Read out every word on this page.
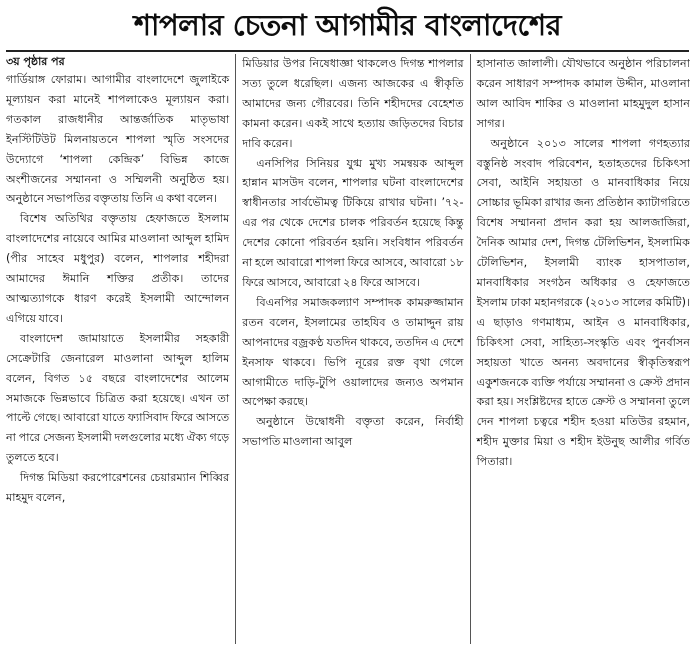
শাপলার চেতনা আগামীর বাংলাদেশের
৩য় পৃষ্ঠার পর

গার্ডিয়াঙ্গ ফোরাম। আগামীর বাংলাদেশে জুলাইকে মূল্যায়ন করা মানেই শাপলাকেও মূল্যায়ন করা। গতকাল রাজধানীর আন্তর্জাতিক মাতৃভাষা ইনস্টিটিউট মিলনায়তনে শাপলা স্মৃতি সংসদের উদ্যোগে ‘শাপলা কেন্দ্রিক’ বিভিন্ন কাজে অংশীজনের সম্মাননা ও সম্মিলনী অনুষ্ঠিত হয়। অনুষ্ঠানে সভাপতির বক্তৃতায় তিনি এ কথা বলেন।

বিশেষ অতিথির বক্তৃতায় হেফাজতে ইসলাম বাংলাদেশের নায়েবে আমির মাওলানা আব্দুল হামিদ (পীর সাহেব মধুপুর) বলেন, শাপলার শহীদরা আমাদের ঈমানি শক্তির প্রতীক। তাদের আত্মত্যাগকে ধারণ করেই ইসলামী আন্দোলন এগিয়ে যাবে।

বাংলাদেশ জামায়াতে ইসলামীর সহকারী সেক্রেটারি জেনারেল মাওলানা আব্দুল হালিম বলেন, বিগত ১৫ বছরে বাংলাদেশের আলেম সমাজকে ভিন্নভাবে চিত্রিত করা হয়েছে। এখন তা পাল্টে গেছে। আবারো যাতে ফ্যাসিবাদ ফিরে আসতে না পারে সেজন্য ইসলামী দলগুলোর মধ্যে ঐক্য গড়ে তুলতে হবে।

দিগন্ত মিডিয়া করপোরেশনের চেয়ারম্যান শিব্বির মাহমুদ বলেন,

মিডিয়ার উপর নিষেধাজ্ঞা থাকলেও দিগন্ত শাপলার সত্য তুলে ধরেছিল। এজন্য আজকের এ স্বীকৃতি আমাদের জন্য গৌরবের। তিনি শহীদদের বেহেশত কামনা করেন। একই সাথে হত্যায় জড়িতদের বিচার দাবি করেন।

এনসিপির সিনিয়র যুগ্ম মুখ্য সমন্বয়ক আব্দুল হান্নান মাসউদ বলেন, শাপলার ঘটনা বাংলাদেশের স্বাধীনতার সার্বভৌমত্ব টিকিয়ে রাখার ঘটনা। ’৭২-এর পর থেকে দেশের চালক পরিবর্তন হয়েছে কিন্তু দেশের কোনো পরিবর্তন হয়নি। সংবিধান পরিবর্তন না হলে আবারো শাপলা ফিরে আসবে, আবারো ১৮ ফিরে আসবে, আবারো ২৪ ফিরে আসবে।

বিএনপির সমাজকল্যাণ সম্পাদক কামরুজ্জামান রতন বলেন, ইসলামের তাহযিব ও তামাদ্দুন রায় আপনাদের বজ্রকণ্ঠ যতদিন থাকবে, ততদিন এ দেশে ইনসাফ থাকবে। ভিপি নূরের রক্ত বৃথা গেলে আগামীতে দাড়ি-টুপি ওয়ালাদের জন্যও অপমান অপেক্ষা করছে।

অনুষ্ঠানে উদ্বোধনী বক্তৃতা করেন, নির্বাহী সভাপতি মাওলানা আবুল

হাসানাত জালালী। যৌথভাবে অনুষ্ঠান পরিচালনা করেন সাধারণ সম্পাদক কামাল উদ্দীন, মাওলানা আল আবিদ শাকির ও মাওলানা মাহমুদুল হাসান সাগর।

অনুষ্ঠানে ২০১৩ সালের শাপলা গণহত্যার বস্তুনিষ্ঠ সংবাদ পরিবেশন, হতাহতদের চিকিৎসা সেবা, আইনি সহায়তা ও মানবাধিকার নিয়ে সোচ্চার ভূমিকা রাখার জন্য প্রতিষ্ঠান ক্যাটাগরিতে বিশেষ সম্মাননা প্রদান করা হয় আলজাজিরা, দৈনিক আমার দেশ, দিগন্ত টেলিভিশন, ইসলামিক টেলিভিশন, ইসলামী ব্যাংক হাসপাতাল, মানবাধিকার সংগঠন অধিকার ও হেফাজতে ইসলাম ঢাকা মহানগরকে (২০১৩ সালের কমিটি)। এ ছাড়াও গণমাধ্যম, আইন ও মানবাধিকার, চিকিৎসা সেবা, সাহিত্য-সংস্কৃতি এবং পুনর্বাসন সহায়তা খাতে অনন্য অবদানের স্বীকৃতিস্বরূপ একুশজনকে ব্যক্তি পর্যায়ে সম্মাননা ও ক্রেস্ট প্রদান করা হয়। সংশ্লিষ্টদের হাতে ক্রেস্ট ও সম্মাননা তুলে দেন শাপলা চত্বরে শহীদ হওয়া মতিউর রহমান, শহীদ মুক্তার মিয়া ও শহীদ ইউনুছ আলীর গর্বিত পিতারা।
